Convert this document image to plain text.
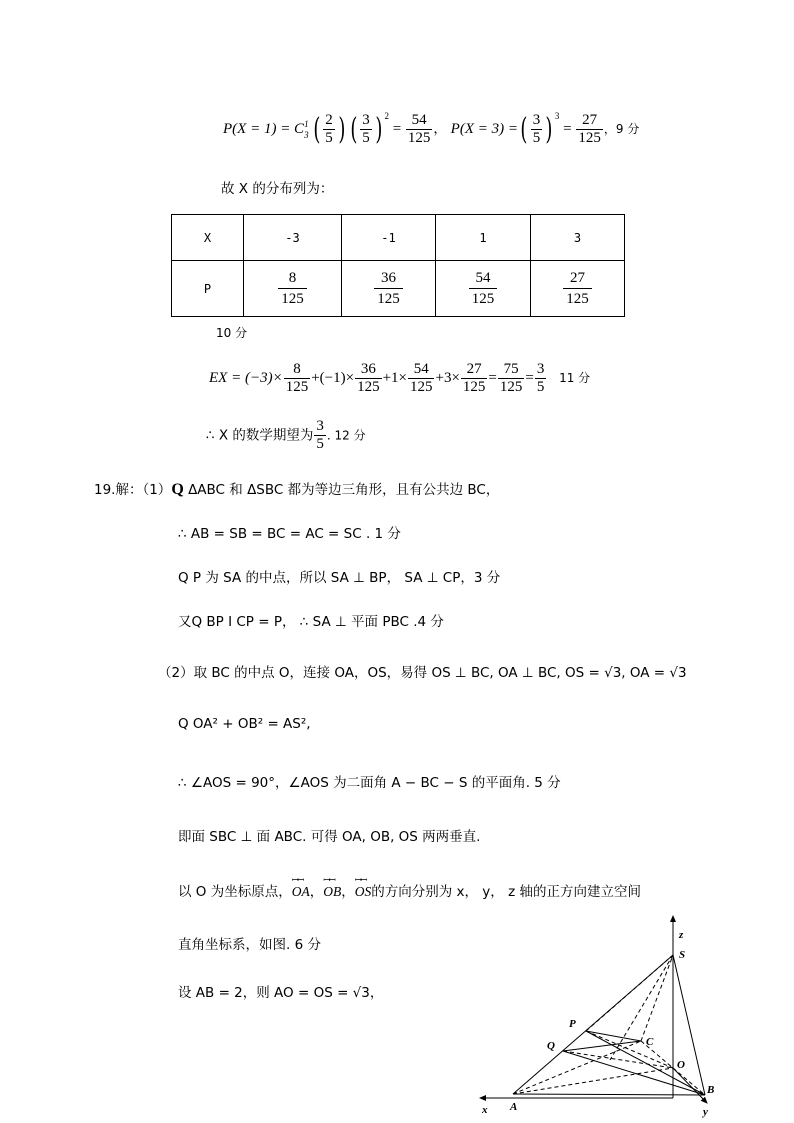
P(X = 1) = C 1
3 ( $\frac{2}{5}$ ) ( $\frac{3}{5}$ ) $^2 = \frac{54}{125}$ ， P(X = 3) =( $\frac{3}{5}$ ) $^3 = \frac{27}{125}$ ，9 分
故 X 的分布列为：
X	-3	-1	1	3
P	$\frac{8}{125}$	$\frac{36}{125}$	$\frac{54}{125}$	$\frac{27}{125}$
10 分
EX = $(-3)\times \frac{8}{125} +(-1)\times \frac{36}{125} +1\times \frac{54}{125} +3\times \frac{27}{125} = \frac{75}{125} = \frac{3}{5} 11$ 分
∴ X 的数学期望为 $\frac{3}{5}$ . 12 分
19.解：（1）Q ΔABC 和 ΔSBC 都为等边三角形，且有公共边 BC，
∴ AB = SB = BC = AC = SC . 1 分
Q P 为 SA 的中点，所以 SA ⊥ BP， SA ⊥ CP，3 分
又Q BP I CP = P， ∴ SA ⊥ 平面 PBC .4 分
（2）取 BC 的中点 O，连接 OA，OS，易得 OS ⊥ BC, OA ⊥ BC, OS = √3, OA = √3
Q OA² + OB² = AS²,
∴ ∠AOS = 90°，∠AOS 为二面角 A − BC − S 的平面角. 5 分
即面 SBC ⊥ 面 ABC. 可得 OA, OB, OS 两两垂直.
以 O 为坐标原点，ꟷꟷ OA，ꟷꟷ OB，ꟷꟷ OS的方向分别为 x， y， z 轴的正方向建立空间
直角坐标系，如图. 6 分
设 AB = 2，则 AO = OS = √3，
z
S
P
Q	C
O
B
A
x	y
